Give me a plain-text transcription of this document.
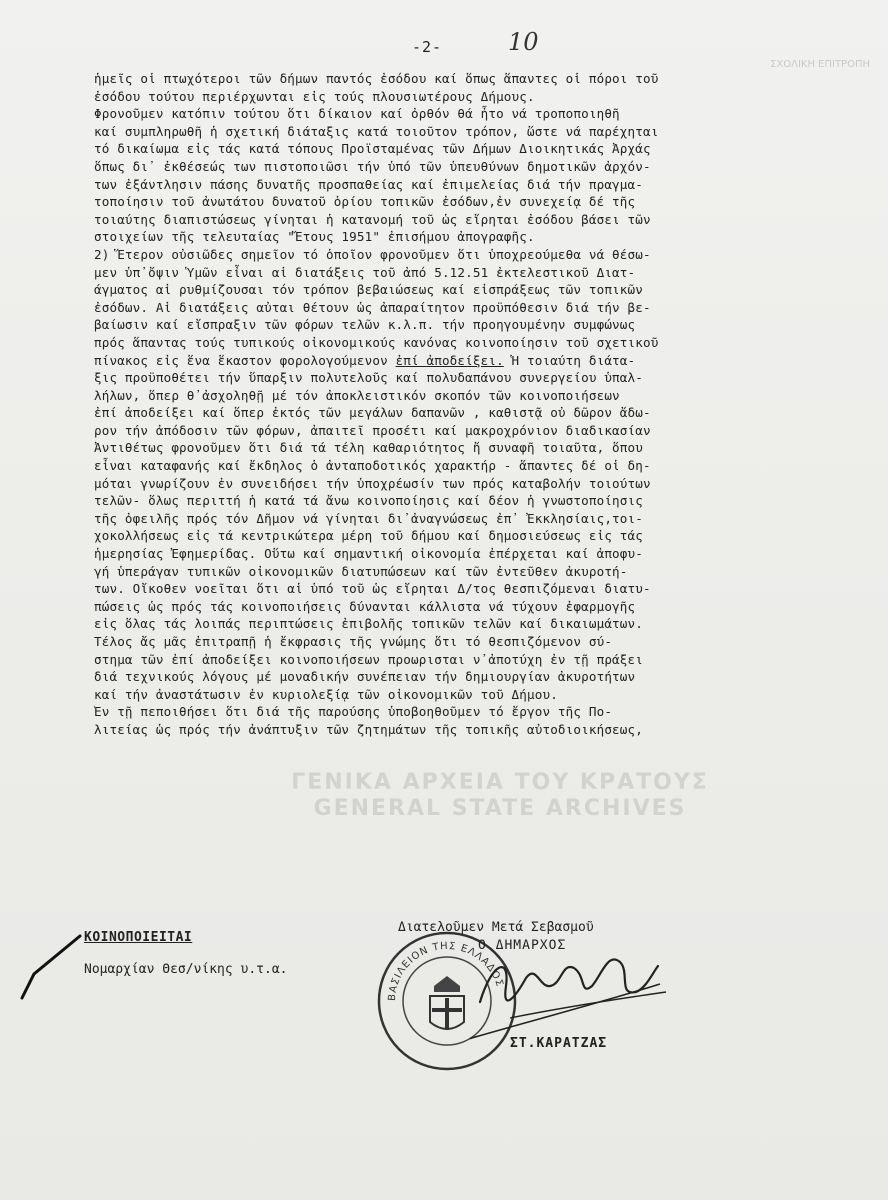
-2-	10
ΣΧΟΛΙΚΗ ΕΠΙΤΡΟΠΗ
ἡμεῖς οἱ πτωχότεροι τῶν δήμων παντός ἐσόδου καί ὅπως ἅπαντες οἱ πόροι τοῦ
ἐσόδου τούτου περιέρχωνται εἰς τούς πλουσιωτέρους Δήμους.
Φρονοῦμεν κατόπιν τούτου ὅτι δίκαιον καί ὀρθόν θά ἦτο νά τροποποιηθῆ
καί συμπληρωθῆ ἡ σχετική διάταξις κατά τοιοῦτον τρόπον, ὥστε νά παρέχηται
τό δικαίωμα εἰς τάς κατά τόπους Προϊσταμένας τῶν Δήμων Διοικητικάς Ἀρχάς
ὅπως δι᾽ ἐκθέσεώς των πιστοποιῶσι τήν ὑπό τῶν ὑπευθύνων δημοτικῶν ἀρχόν-
των ἐξάντλησιν πάσης δυνατῆς προσπαθείας καί ἐπιμελείας διά τήν πραγμα-
τοποίησιν τοῦ ἀνωτάτου δυνατοῦ ὁρίου τοπικῶν ἐσόδων,ἐν συνεχείᾳ δέ τῆς
τοιαύτης διαπιστώσεως γίνηται ἡ κατανομή τοῦ ὡς εἴρηται ἐσόδου βάσει τῶν
στοιχείων τῆς τελευταίας "Ἔτους 1951" ἐπισήμου ἀπογραφῆς.
2) Ἕτερον οὐσιῶδες σημεῖον τό ὁποῖον φρονοῦμεν ὅτι ὑποχρεούμεθα νά θέσω-
μεν ὑπ᾽ὄψιν Ὑμῶν εἶναι αἱ διατάξεις τοῦ ἀπό 5.12.51 ἐκτελεστικοῦ Διατ-
άγματος αἱ ρυθμίζουσαι τόν τρόπον βεβαιώσεως καί εἰσπράξεως τῶν τοπικῶν
ἐσόδων. Αἱ διατάξεις αὐται θέτουν ὡς ἀπαραίτητον προϋπόθεσιν διά τήν βε-
βαίωσιν καί εἴσπραξιν τῶν φόρων τελῶν κ.λ.π. τήν προηγουμένην συμφώνως
πρός ἅπαντας τούς τυπικούς οἰκονομικούς κανόνας κοινοποίησιν τοῦ σχετικοῦ
πίνακος εἰς ἕνα ἕκαστον φορολογούμενον ἐπί ἀποδείξει. Ἡ τοιαύτη διάτα-
ξις προϋποθέτει τήν ὕπαρξιν πολυτελοῦς καί πολυδαπάνου συνεργείου ὑπαλ-
λήλων, ὅπερ θ᾽ἀσχοληθῇ μέ τόν ἀποκλειστικόν σκοπόν τῶν κοινοποιήσεων
ἐπί ἀποδείξει καί ὅπερ ἐκτός τῶν μεγάλων δαπανῶν , καθιστᾷ οὐ δῶρον ἄδω-
ρον τήν ἀπόδοσιν τῶν φόρων, ἀπαιτεῖ προσέτι καί μακροχρόνιον διαδικασίαν
Ἀντιθέτως φρονοῦμεν ὅτι διά τά τέλη καθαριότητος ἤ συναφῆ τοιαῦτα, ὅπου
εἶναι καταφανής καί ἔκδηλος ὁ ἀνταποδοτικός χαρακτήρ - ἅπαντες δέ οἱ δη-
μόται γνωρίζουν ἐν συνειδήσει τήν ὑποχρέωσίν των πρός καταβολήν τοιούτων
τελῶν- ὅλως περιττή ἡ κατά τά ἄνω κοινοποίησις καί δέον ἡ γνωστοποίησις
τῆς ὀφειλῆς πρός τόν Δῆμον νά γίνηται δι᾽ἀναγνώσεως ἐπ᾽ Ἐκκλησίαις,τοι-
χοκολλήσεως εἰς τά κεντρικώτερα μέρη τοῦ δήμου καί δημοσιεύσεως εἰς τάς
ἡμερησίας Ἐφημερίδας. Οὕτω καί σημαντική οἰκονομία ἐπέρχεται καί ἀποφυ-
γή ὑπεράγαν τυπικῶν οἰκονομικῶν διατυπώσεων καί τῶν ἐντεῦθεν ἀκυροτή-
των. Οἴκοθεν νοεῖται ὅτι αἱ ὑπό τοῦ ὡς εἴρηται Δ/τος θεσπιζόμεναι διατυ-
πώσεις ὡς πρός τάς κοινοποιήσεις δύνανται κάλλιστα νά τύχουν ἐφαρμογῆς
εἰς ὅλας τάς λοιπάς περιπτώσεις ἐπιβολῆς τοπικῶν τελῶν καί δικαιωμάτων.
Τέλος ἄς μᾶς ἐπιτραπῇ ἡ ἔκφρασις τῆς γνώμης ὅτι τό θεσπιζόμενον σύ-
στημα τῶν ἐπί ἀποδείξει κοινοποιήσεων προωρισται ν᾽ἀποτύχη ἐν τῇ πράξει
διά τεχνικούς λόγους μέ μοναδικήν συνέπειαν τήν δημιουργίαν ἀκυροτήτων
καί τήν ἀναστάτωσιν ἐν κυριολεξίᾳ τῶν οἰκονομικῶν τοῦ Δήμου.
Ἐν τῇ πεποιθήσει ὅτι διά τῆς παρούσης ὑποβοηθοῦμεν τό ἔργον τῆς Πο-
λιτείας ὡς πρός τήν ἀνάπτυξιν τῶν ζητημάτων τῆς τοπικῆς αὐτοδιοικήσεως,
ΓΕΝΙΚΑ ΑΡΧΕΙΑ ΤΟΥ ΚΡΑΤΟΥΣ
GENERAL STATE ARCHIVES
ΚΟΙΝΟΠΟΙΕΙΤΑΙ
Νομαρχίαν Θεσ/νίκης υ.τ.α.
ΒΑΣΙΛΕΙΟΝ ΤΗΣ ΕΛΛΑΔΟΣ
Διατελοῦμεν Μετά Σεβασμοῦ
Ο ΔΗΜΑΡΧΟΣ
ΣΤ.ΚΑΡΑΤΖΑΣ
